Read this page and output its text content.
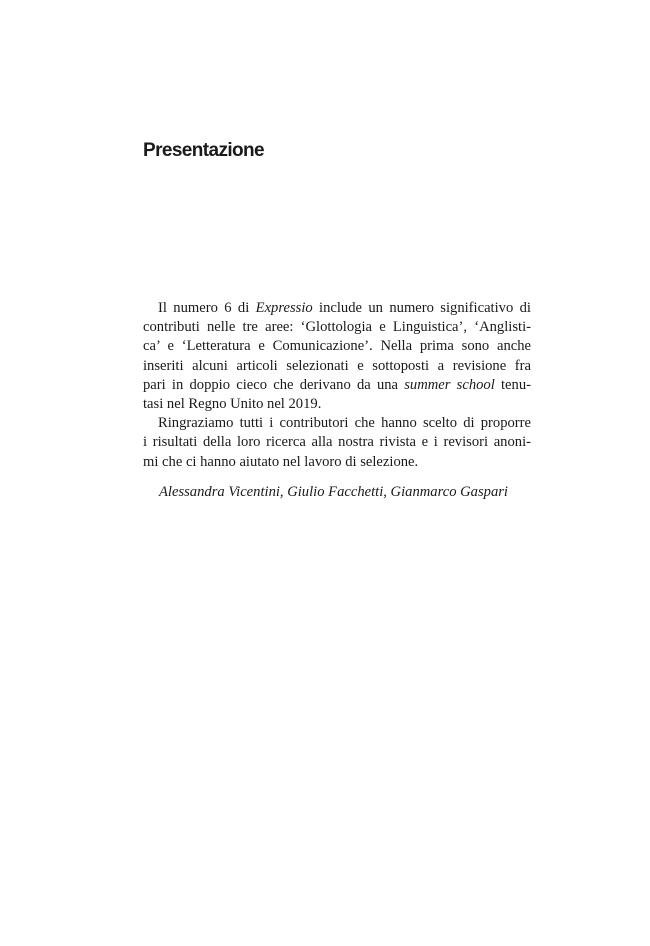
Presentazione
Il numero 6 di Expressio include un numero significativo di
contributi nelle tre aree: ‘Glottologia e Linguistica’, ‘Anglisti-
ca’ e ‘Letteratura e Comunicazione’. Nella prima sono anche
inseriti alcuni articoli selezionati e sottoposti a revisione fra
pari in doppio cieco che derivano da una summer school tenu-
tasi nel Regno Unito nel 2019.
Ringraziamo tutti i contributori che hanno scelto di proporre
i risultati della loro ricerca alla nostra rivista e i revisori anoni-
mi che ci hanno aiutato nel lavoro di selezione.
Alessandra Vicentini, Giulio Facchetti, Gianmarco Gaspari
